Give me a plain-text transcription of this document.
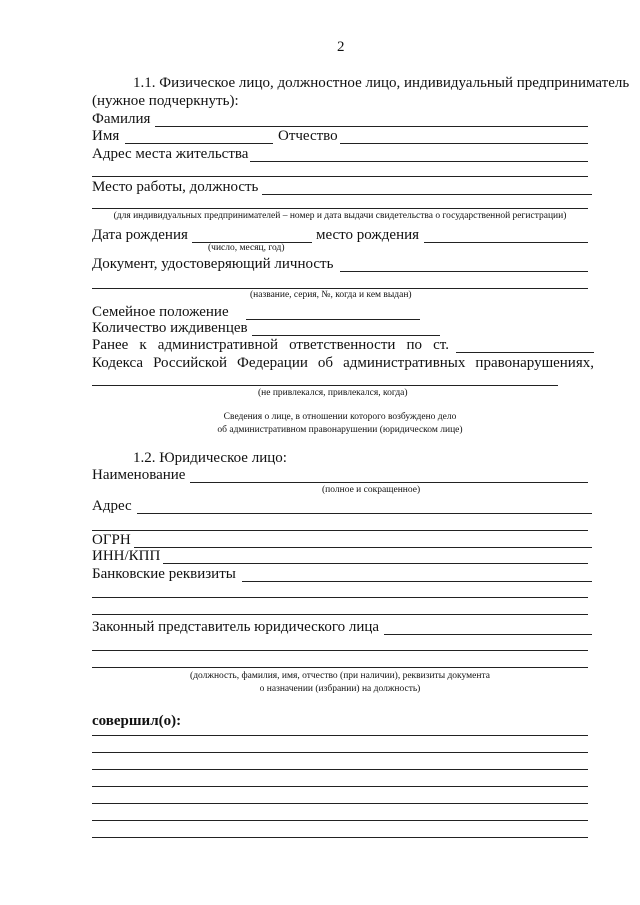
2
1.1. Физическое лицо, должностное лицо, индивидуальный предприниматель
(нужное подчеркнуть):
Фамилия
Имя	Отчество
Адрес места жительства
Место работы, должность
(для индивидуальных предпринимателей – номер и дата выдачи свидетельства о государственной регистрации)
Дата рождения	место рождения
(число, месяц, год)
Документ, удостоверяющий личность
(название, серия, №, когда и кем выдан)
Семейное положение
Количество иждивенцев
Ранее к административной ответственности по ст.
Кодекса Российской Федерации об административных правонарушениях,
(не привлекался, привлекался, когда)
Сведения о лице, в отношении которого возбуждено дело
об административном правонарушении (юридическом лице)
1.2. Юридическое лицо:
Наименование
(полное и сокращенное)
Адрес
ОГРН
ИНН/КПП
Банковские реквизиты
Законный представитель юридического лица
(должность, фамилия, имя, отчество (при наличии), реквизиты документа
о назначении (избрании) на должность)
совершил(о):
